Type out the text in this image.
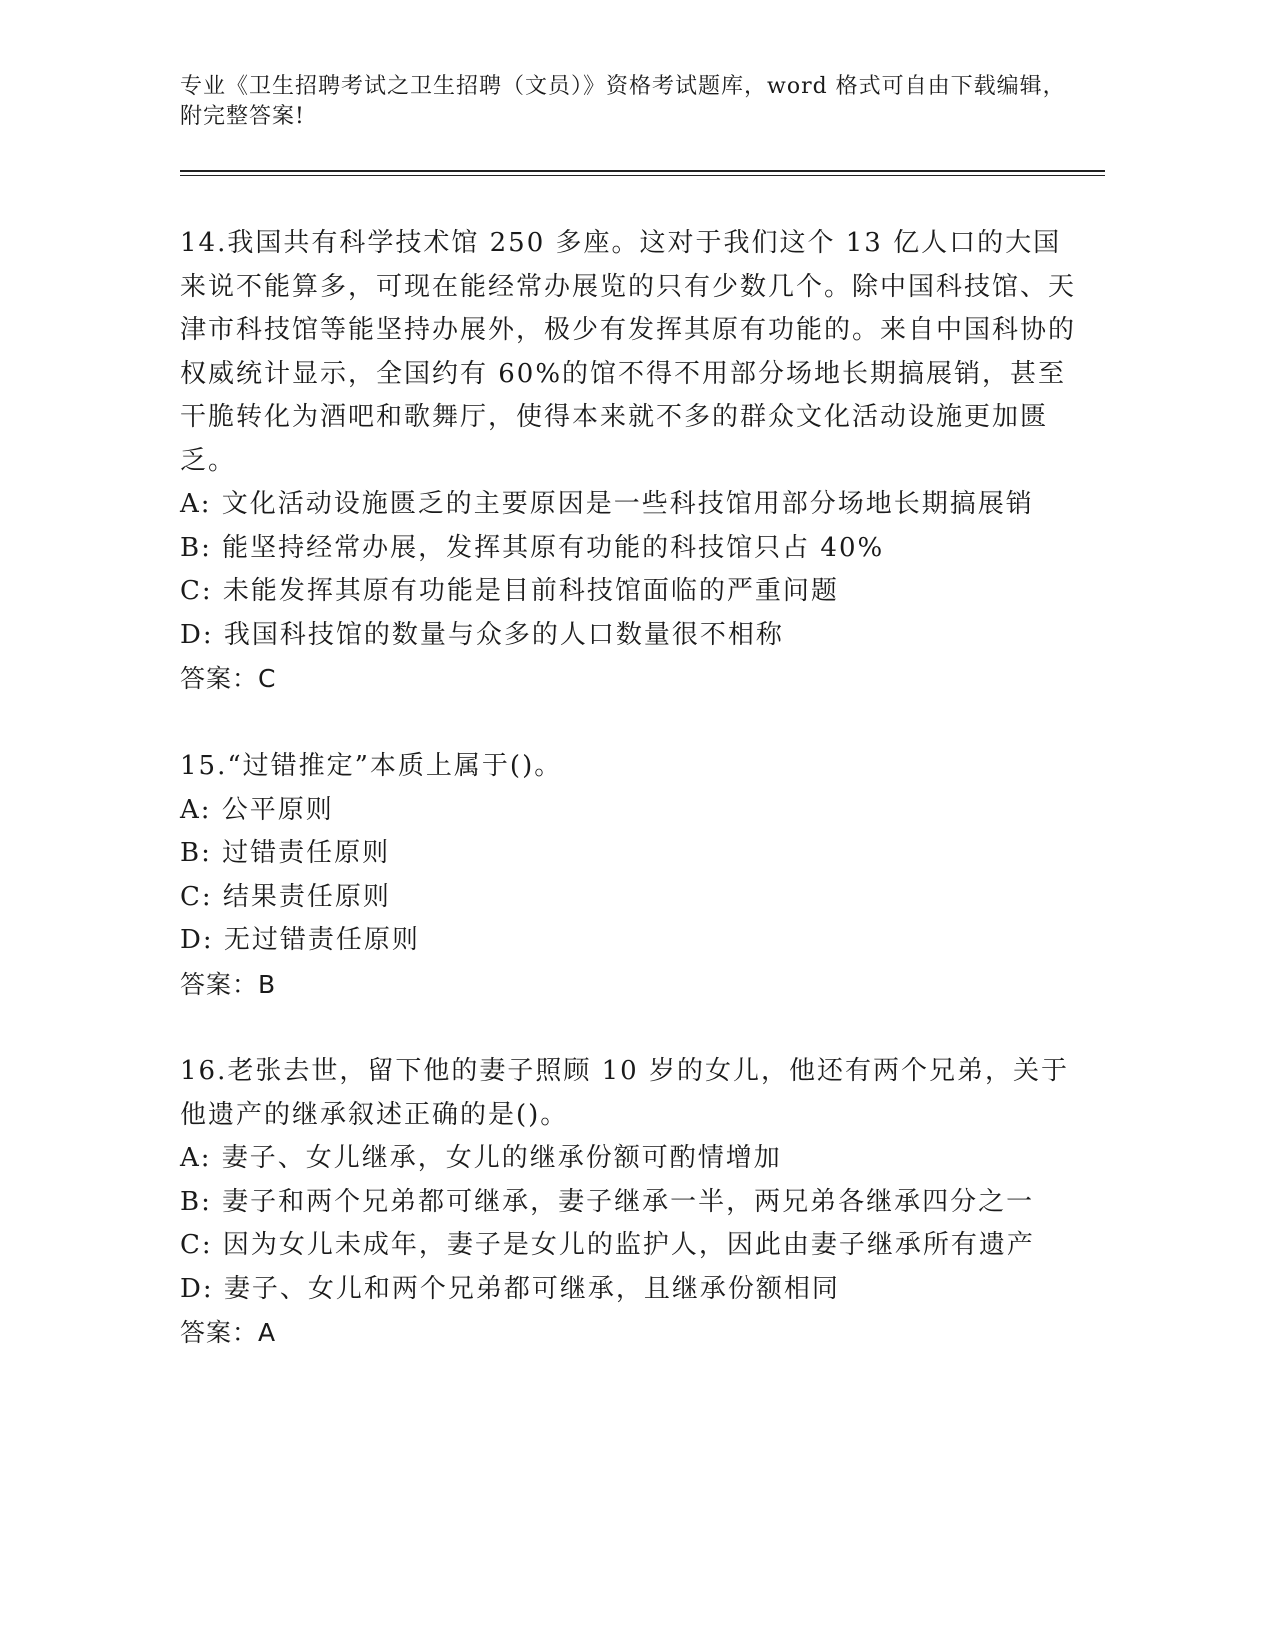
专业《卫生招聘考试之卫生招聘（文员）》资格考试题库，word 格式可自由下载编辑，附完整答案!

14.我国共有科学技术馆 250 多座。这对于我们这个 13 亿人口的大国来说不能算多，可现在能经常办展览的只有少数几个。除中国科技馆、天津市科技馆等能坚持办展外，极少有发挥其原有功能的。来自中国科协的权威统计显示，全国约有 60%的馆不得不用部分场地长期搞展销，甚至干脆转化为酒吧和歌舞厅，使得本来就不多的群众文化活动设施更加匮乏。

A: 文化活动设施匮乏的主要原因是一些科技馆用部分场地长期搞展销

B: 能坚持经常办展，发挥其原有功能的科技馆只占 40%

C: 未能发挥其原有功能是目前科技馆面临的严重问题

D: 我国科技馆的数量与众多的人口数量很不相称

答案：C

15.“过错推定”本质上属于()。

A: 公平原则

B: 过错责任原则

C: 结果责任原则

D: 无过错责任原则

答案：B

16.老张去世，留下他的妻子照顾 10 岁的女儿，他还有两个兄弟，关于他遗产的继承叙述正确的是()。

A: 妻子、女儿继承，女儿的继承份额可酌情增加

B: 妻子和两个兄弟都可继承，妻子继承一半，两兄弟各继承四分之一

C: 因为女儿未成年，妻子是女儿的监护人，因此由妻子继承所有遗产

D: 妻子、女儿和两个兄弟都可继承，且继承份额相同

答案：A
